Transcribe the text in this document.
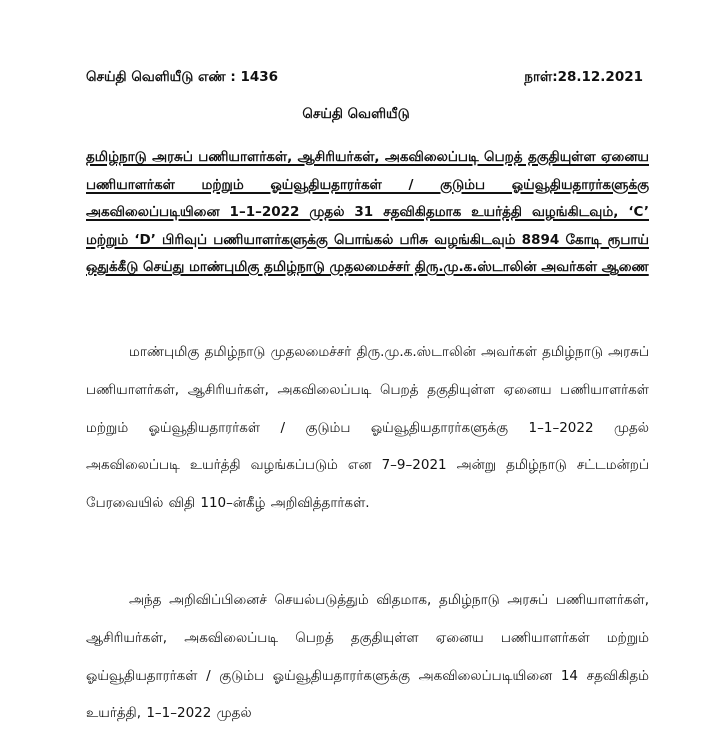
செய்தி வெளியீடு எண் : 1436	நாள்:28.12.2021
செய்தி வெளியீடு
தமிழ்நாடு அரசுப் பணியாளர்கள், ஆசிரியர்கள், அகவிலைப்படி பெறத் தகுதியுள்ள ஏனைய பணியாளர்கள் மற்றும் ஓய்வூதியதாரர்கள் / குடும்ப ஓய்வூதியதாரர்களுக்கு அகவிலைப்படியினை 1–1–2022 முதல் 31 சதவிகிதமாக உயர்த்தி வழங்கிடவும், ‘C’ மற்றும் ‘D’ பிரிவுப் பணியாளர்களுக்கு பொங்கல் பரிசு வழங்கிடவும் 8894 கோடி ரூபாய் ஒதுக்கீடு செய்து மாண்புமிகு தமிழ்நாடு முதலமைச்சர் திரு.மு.க.ஸ்டாலின் அவர்கள் ஆணை
மாண்புமிகு தமிழ்நாடு முதலமைச்சர் திரு.மு.க.ஸ்டாலின் அவர்கள் தமிழ்நாடு அரசுப் பணியாளர்கள், ஆசிரியர்கள், அகவிலைப்படி பெறத் தகுதியுள்ள ஏனைய பணியாளர்கள் மற்றும் ஓய்வூதியதாரர்கள் / குடும்ப ஓய்வூதியதாரர்களுக்கு 1–1–2022 முதல் அகவிலைப்படி உயர்த்தி வழங்கப்படும் என 7–9–2021 அன்று தமிழ்நாடு சட்டமன்றப் பேரவையில் விதி 110–ன்கீழ் அறிவித்தார்கள்.
அந்த அறிவிப்பினைச் செயல்படுத்தும் விதமாக, தமிழ்நாடு அரசுப் பணியாளர்கள், ஆசிரியர்கள், அகவிலைப்படி பெறத் தகுதியுள்ள ஏனைய பணியாளர்கள் மற்றும் ஓய்வூதியதாரர்கள் / குடும்ப ஓய்வூதியதாரர்களுக்கு அகவிலைப்படியினை 14 சதவிகிதம் உயர்த்தி, 1–1–2022 முதல்
